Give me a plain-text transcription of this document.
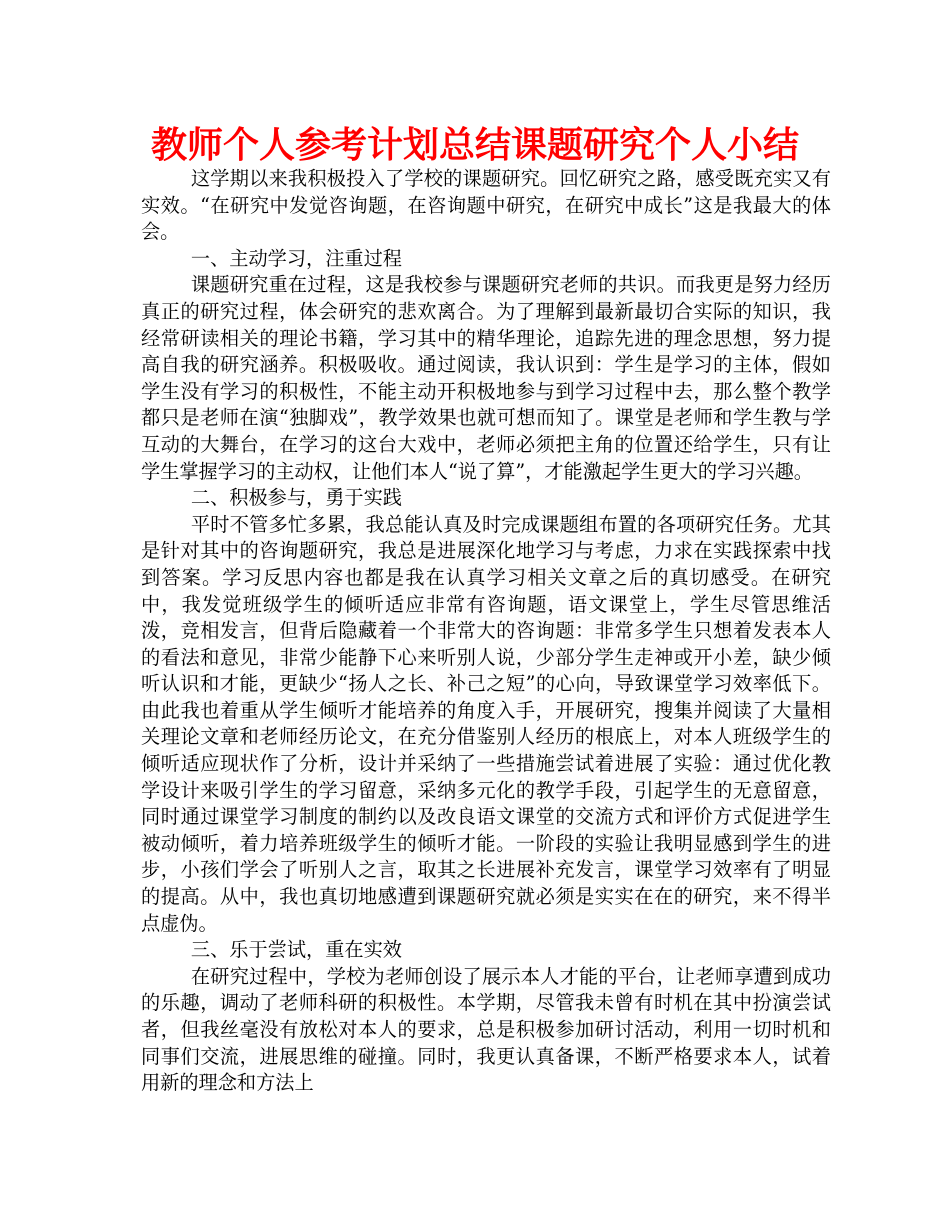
教师个人参考计划总结课题研究个人小结

这学期以来我积极投入了学校的课题研究。回忆研究之路，感受既充实又有实效。“在研究中发觉咨询题，在咨询题中研究，在研究中成长”这是我最大的体会。

一、主动学习，注重过程

课题研究重在过程，这是我校参与课题研究老师的共识。而我更是努力经历真正的研究过程，体会研究的悲欢离合。为了理解到最新最切合实际的知识，我经常研读相关的理论书籍，学习其中的精华理论，追踪先进的理念思想，努力提高自我的研究涵养。积极吸收。通过阅读，我认识到：学生是学习的主体，假如学生没有学习的积极性，不能主动开积极地参与到学习过程中去，那么整个教学都只是老师在演“独脚戏”，教学效果也就可想而知了。课堂是老师和学生教与学互动的大舞台，在学习的这台大戏中，老师必须把主角的位置还给学生，只有让学生掌握学习的主动权，让他们本人“说了算”，才能激起学生更大的学习兴趣。

二、积极参与，勇于实践

平时不管多忙多累，我总能认真及时完成课题组布置的各项研究任务。尤其是针对其中的咨询题研究，我总是进展深化地学习与考虑，力求在实践探索中找到答案。学习反思内容也都是我在认真学习相关文章之后的真切感受。在研究中，我发觉班级学生的倾听适应非常有咨询题，语文课堂上，学生尽管思维活泼，竞相发言，但背后隐藏着一个非常大的咨询题：非常多学生只想着发表本人的看法和意见，非常少能静下心来听别人说，少部分学生走神或开小差，缺少倾听认识和才能，更缺少“扬人之长、补己之短”的心向，导致课堂学习效率低下。由此我也着重从学生倾听才能培养的角度入手，开展研究，搜集并阅读了大量相关理论文章和老师经历论文，在充分借鉴别人经历的根底上，对本人班级学生的倾听适应现状作了分析，设计并采纳了一些措施尝试着进展了实验：通过优化教学设计来吸引学生的学习留意，采纳多元化的教学手段，引起学生的无意留意，同时通过课堂学习制度的制约以及改良语文课堂的交流方式和评价方式促进学生被动倾听，着力培养班级学生的倾听才能。一阶段的实验让我明显感到学生的进步，小孩们学会了听别人之言，取其之长进展补充发言，课堂学习效率有了明显的提高。从中，我也真切地感遭到课题研究就必须是实实在在的研究，来不得半点虚伪。

三、乐于尝试，重在实效

在研究过程中，学校为老师创设了展示本人才能的平台，让老师享遭到成功的乐趣，调动了老师科研的积极性。本学期，尽管我未曾有时机在其中扮演尝试者，但我丝毫没有放松对本人的要求，总是积极参加研讨活动，利用一切时机和同事们交流，进展思维的碰撞。同时，我更认真备课，不断严格要求本人，试着用新的理念和方法上
